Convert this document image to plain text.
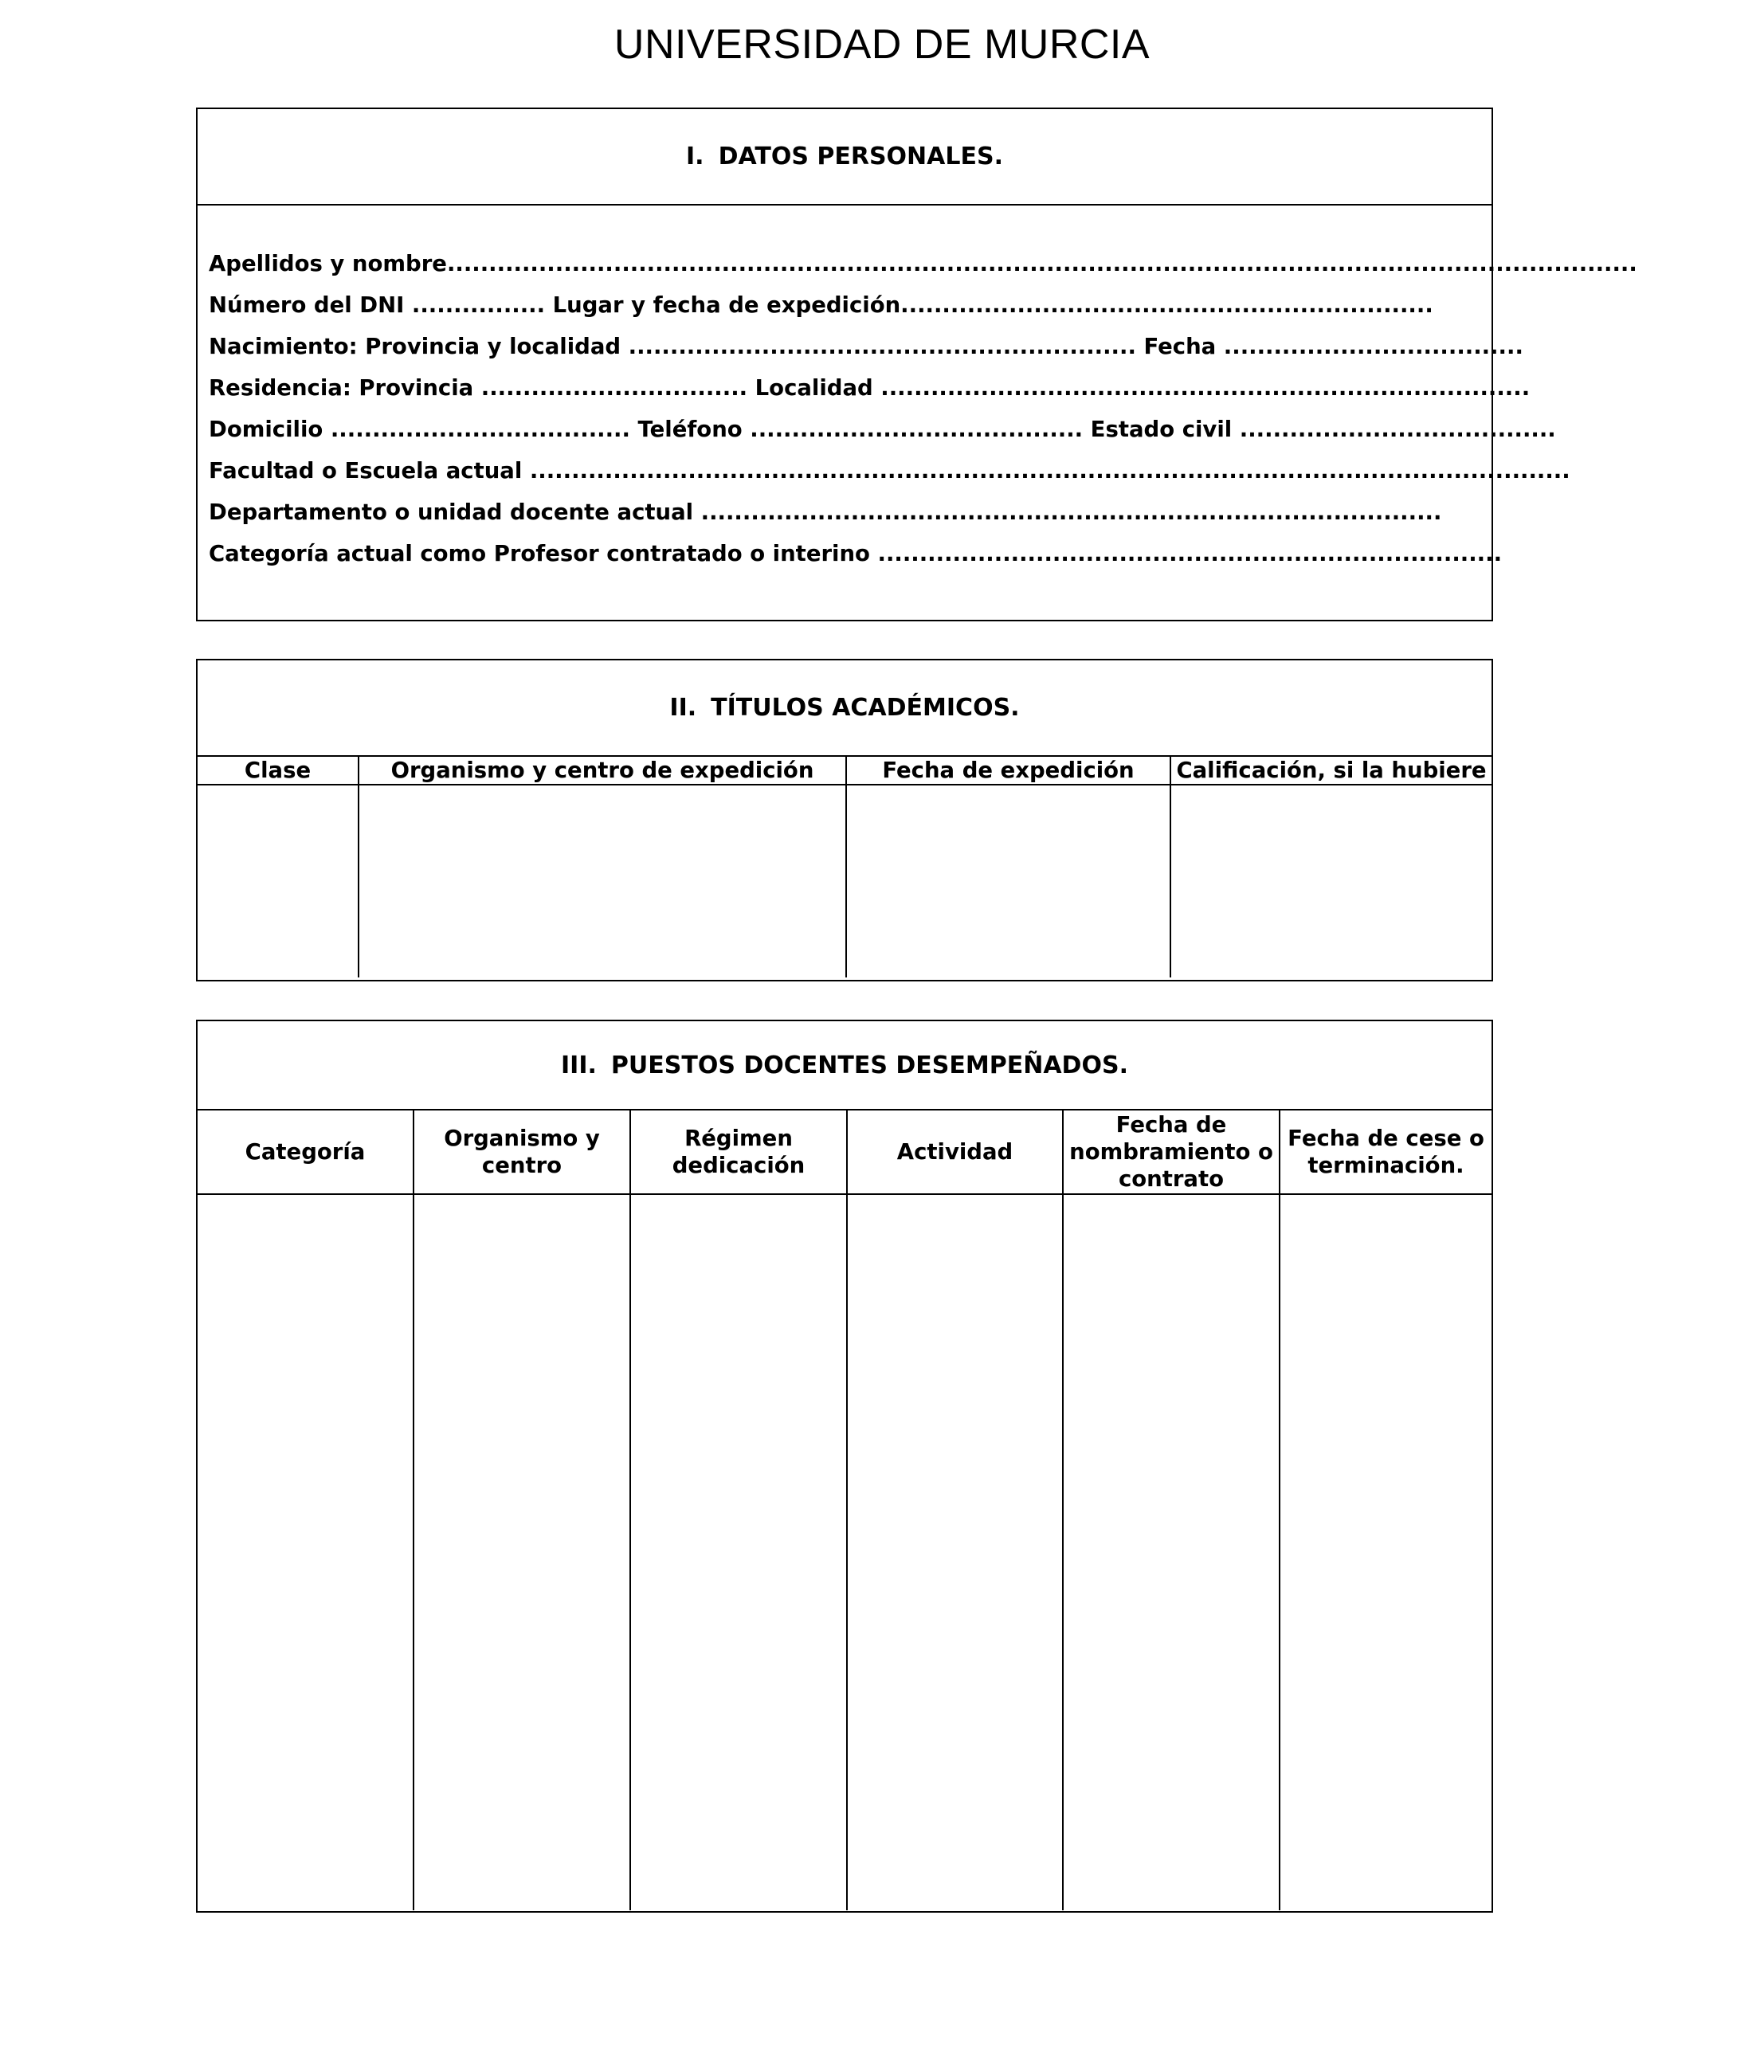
UNIVERSIDAD DE MURCIA
I. DATOS PERSONALES.
Apellidos y nombre...............................................................................................................................................
Número del DNI ................ Lugar y fecha de expedición................................................................
Nacimiento: Provincia y localidad ............................................................. Fecha ....................................
Residencia: Provincia ................................ Localidad ..............................................................................
Domicilio .................................... Teléfono ........................................ Estado civil ......................................
Facultad o Escuela actual .............................................................................................................................
Departamento o unidad docente actual .........................................................................................
Categoría actual como Profesor contratado o interino ...........................................................................
II. TÍTULOS ACADÉMICOS.
Clase	Organismo y centro de expedición	Fecha de expedición	Calificación, si la hubiere

III. PUESTOS DOCENTES DESEMPEÑADOS.
Categoría	Organismo y centro	Régimen dedicación	Actividad	Fecha de nombramiento o contrato	Fecha de cese o terminación.
